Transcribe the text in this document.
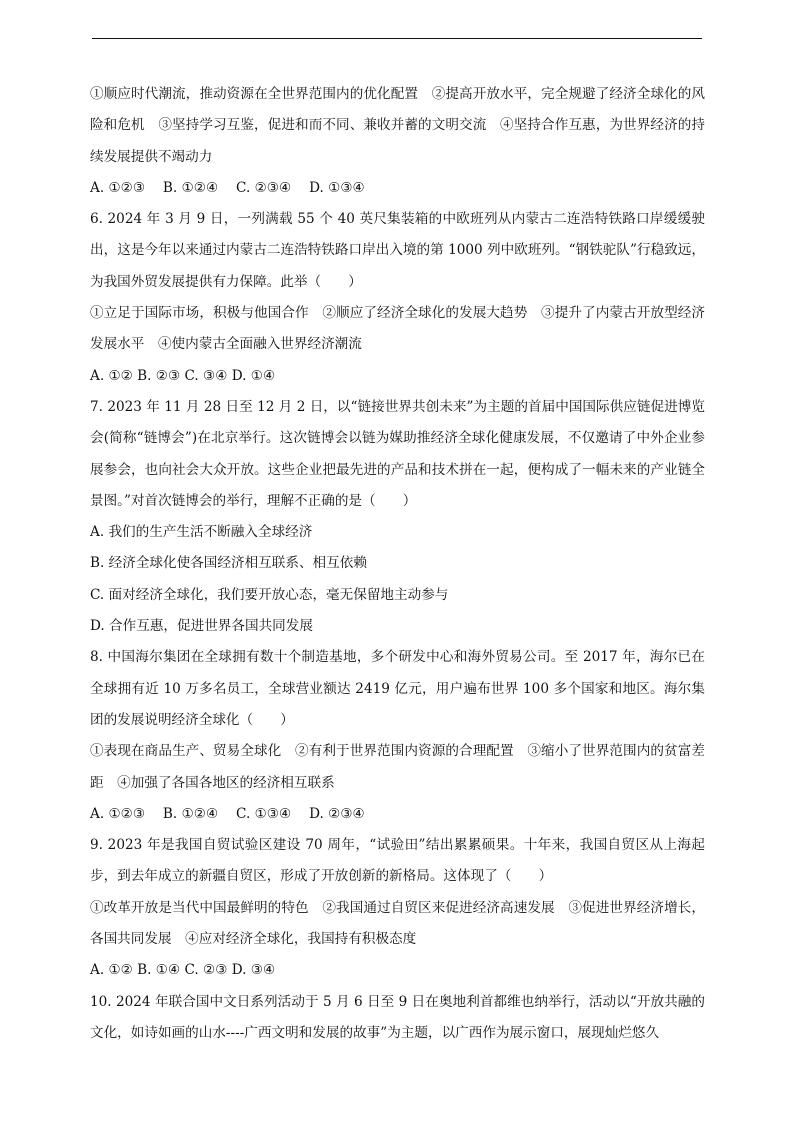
①顺应时代潮流，推动资源在全世界范围内的优化配置　②提高开放水平，完全规避了经济全球化的风险和危机　③坚持学习互鉴，促进和而不同、兼收并蓄的文明交流　④坚持合作互惠，为世界经济的持续发展提供不竭动力

A. ①②③　 B. ①②④　 C. ②③④　 D. ①③④

6. 2024 年 3 月 9 日，一列满载 55 个 40 英尺集装箱的中欧班列从内蒙古二连浩特铁路口岸缓缓驶出，这是今年以来通过内蒙古二连浩特铁路口岸出入境的第 1000 列中欧班列。“钢铁驼队”行稳致远，为我国外贸发展提供有力保障。此举（　　）

①立足于国际市场，积极与他国合作　②顺应了经济全球化的发展大趋势　③提升了内蒙古开放型经济发展水平　④使内蒙古全面融入世界经济潮流

A. ①② B. ②③ C. ③④ D. ①④

7. 2023 年 11 月 28 日至 12 月 2 日，以“链接世界共创未来”为主题的首届中国国际供应链促进博览会(简称“链博会”)在北京举行。这次链博会以链为媒助推经济全球化健康发展，不仅邀请了中外企业参展参会，也向社会大众开放。这些企业把最先进的产品和技术拼在一起，便构成了一幅未来的产业链全景图。”对首次链博会的举行，理解不正确的是（　　）

A. 我们的生产生活不断融入全球经济

B. 经济全球化使各国经济相互联系、相互依赖

C. 面对经济全球化，我们要开放心态，毫无保留地主动参与

D. 合作互惠，促进世界各国共同发展

8. 中国海尔集团在全球拥有数十个制造基地，多个研发中心和海外贸易公司。至 2017 年，海尔已在全球拥有近 10 万多名员工，全球营业额达 2419 亿元，用户遍布世界 100 多个国家和地区。海尔集团的发展说明经济全球化（　　）

①表现在商品生产、贸易全球化　②有利于世界范围内资源的合理配置　③缩小了世界范围内的贫富差距　④加强了各国各地区的经济相互联系

A. ①②③　 B. ①②④　 C. ①③④　 D. ②③④

9. 2023 年是我国自贸试验区建设 70 周年，“试验田”结出累累硕果。十年来，我国自贸区从上海起步，到去年成立的新疆自贸区，形成了开放创新的新格局。这体现了（　　）

①改革开放是当代中国最鲜明的特色　②我国通过自贸区来促进经济高速发展　③促进世界经济增长，各国共同发展　④应对经济全球化，我国持有积极态度

A. ①② B. ①④ C. ②③ D. ③④

10. 2024 年联合国中文日系列活动于 5 月 6 日至 9 日在奥地利首都维也纳举行，活动以“开放共融的文化，如诗如画的山水----广西文明和发展的故事”为主题，以广西作为展示窗口，展现灿烂悠久
